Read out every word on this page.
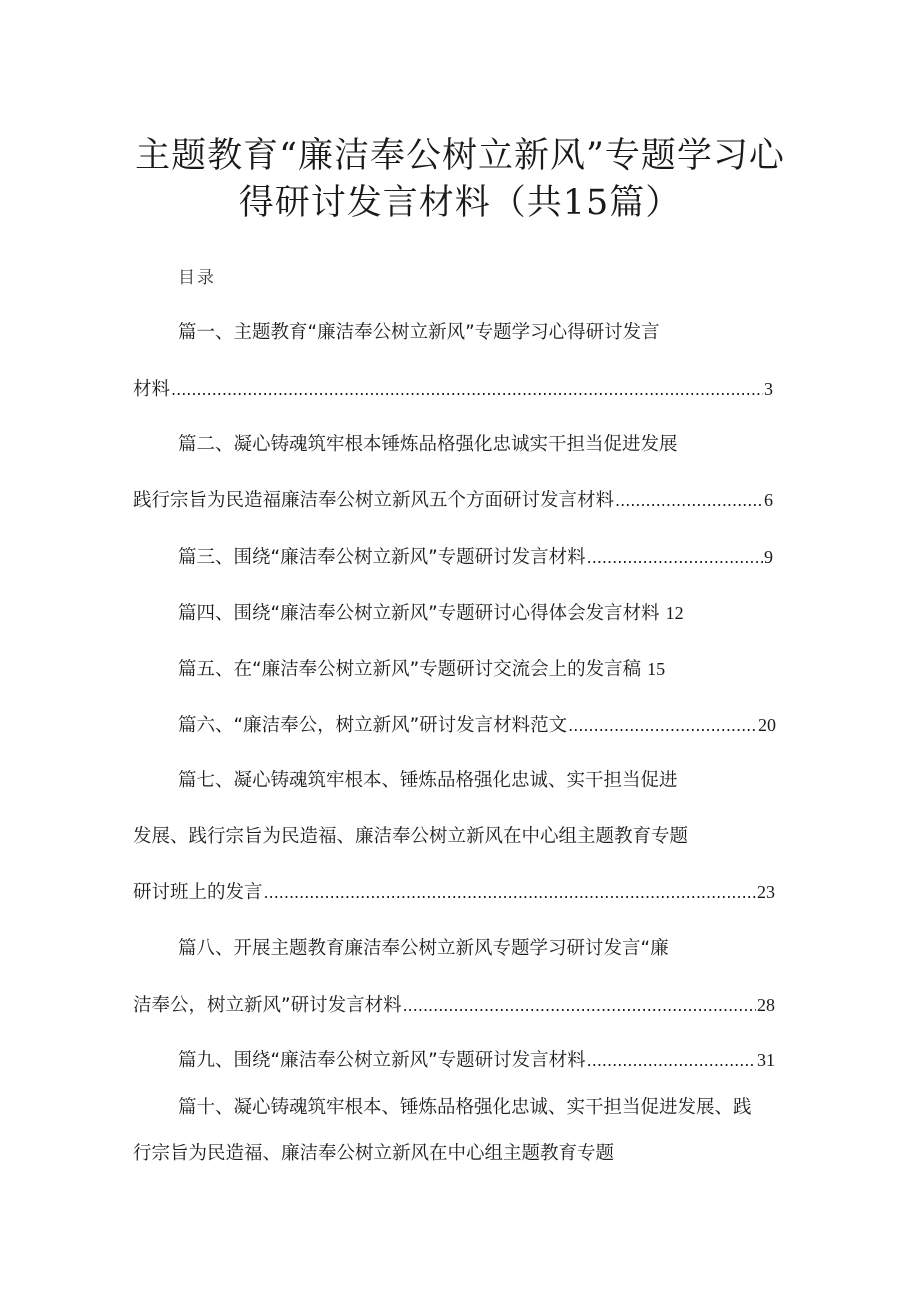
主题教育“廉洁奉公树立新风”专题学习心
得研讨发言材料（共15篇）
目录
篇一、主题教育“廉洁奉公树立新风”专题学习心得研讨发言
材料 .....	3
篇二、凝心铸魂筑牢根本锤炼品格强化忠诚实干担当促进发展
践行宗旨为民造福廉洁奉公树立新风五个方面研讨发言材料 .....	6
篇三、围绕“廉洁奉公树立新风”专题研讨发言材料 .....	9
篇四、围绕“廉洁奉公树立新风”专题研讨心得体会发言材料 12
篇五、在“廉洁奉公树立新风”专题研讨交流会上的发言稿 15
篇六、“廉洁奉公，树立新风”研讨发言材料范文 .....	20
篇七、凝心铸魂筑牢根本、锤炼品格强化忠诚、实干担当促进
发展、践行宗旨为民造福、廉洁奉公树立新风在中心组主题教育专题
研讨班上的发言 .....	23
篇八、开展主题教育廉洁奉公树立新风专题学习研讨发言“廉
洁奉公，树立新风”研讨发言材料 .....	28
篇九、围绕“廉洁奉公树立新风”专题研讨发言材料 .....	31
篇十、凝心铸魂筑牢根本、锤炼品格强化忠诚、实干担当促进发展、践
行宗旨为民造福、廉洁奉公树立新风在中心组主题教育专题
